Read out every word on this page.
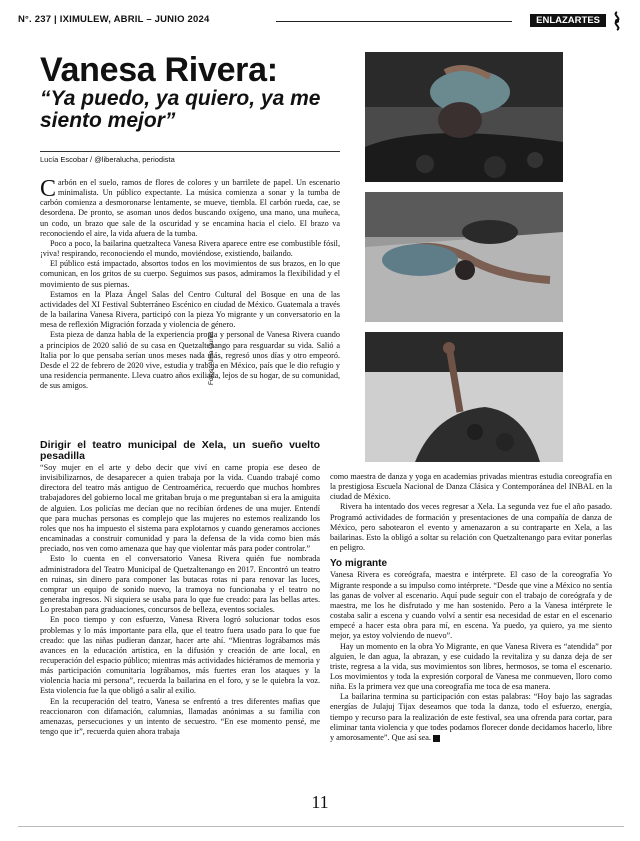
N°. 237 | IXIMULEW, ABRIL – JUNIO 2024	ENLAZARTES
Vanesa Rivera:
“Ya puedo, ya quiero, ya me siento mejor”
Lucía Escobar / @liberalucha, periodista

Carbón en el suelo, ramos de flores de colores y un barrilete de papel. Un escenario minimalista. Un público expectante. La música comienza a sonar y la tumba de carbón comienza a desmoronarse lentamente, se mueve, tiembla. El carbón rueda, cae, se desordena. De pronto, se asoman unos dedos buscando oxígeno, una mano, una muñeca, un codo, un brazo que sale de la oscuridad y se encamina hacia el cielo. El brazo va reconociendo el aire, la vida afuera de la tumba.

Poco a poco, la bailarina quetzalteca Vanesa Rivera aparece entre ese combustible fósil, ¡viva! respirando, reconociendo el mundo, moviéndose, existiendo, bailando.

El público está impactado, absortos todos en los movimientos de sus brazos, en lo que comunican, en los gritos de su cuerpo. Seguimos sus pasos, admiramos la flexibilidad y el movimiento de sus piernas.

Estamos en la Plaza Ángel Salas del Centro Cultural del Bosque en una de las actividades del XI Festival Subterráneo Escénico en ciudad de México. Guatemala a través de la bailarina Vanesa Rivera, participó con la pieza Yo migrante y un conversatorio en la mesa de reflexión Migración forzada y violencia de género.

Esta pieza de danza habla de la experiencia propia y personal de Vanesa Rivera cuando a principios de 2020 salió de su casa en Quetzaltenango para resguardar su vida. Salió a Italia por lo que pensaba serían unos meses nada más, regresó unos días y otro empeoró. Desde el 22 de febrero de 2020 vive, estudia y trabaja en México, país que le dio refugio y una residencia permanente. Lleva cuatro años exiliada, lejos de su hogar, de su comunidad, de sus amigos.

Fotos: Alma Curiel
Dirigir el teatro municipal de Xela, un sueño vuelto pesadilla

“Soy mujer en el arte y debo decir que viví en carne propia ese deseo de invisibilizarnos, de desaparecer a quien trabaja por la vida. Cuando trabajé como directora del teatro más antiguo de Centroamérica, recuerdo que muchos hombres trabajadores del gobierno local me gritaban bruja o me preguntaban si era la amiguita de alguien. Los policías me decían que no recibían órdenes de una mujer. Entendí que para muchas personas es complejo que las mujeres no estemos realizando los roles que nos ha impuesto el sistema para explotarnos y cuando generamos acciones encaminadas a construir comunidad y para la defensa de la vida como bien más preciado, nos ven como amenaza que hay que violentar más para poder controlar.”

Esto lo cuenta en el conversatorio Vanesa Rivera quién fue nombrada administradora del Teatro Municipal de Quetzaltenango en 2017. Encontró un teatro en ruinas, sin dinero para componer las butacas rotas ni para renovar las luces, comprar un equipo de sonido nuevo, la tramoya no funcionaba y el teatro no generaba ingresos. Ni siquiera se usaba para lo que fue creado: para las bellas artes. Lo prestaban para graduaciones, concursos de belleza, eventos sociales.

En poco tiempo y con esfuerzo, Vanesa Rivera logró solucionar todos esos problemas y lo más importante para ella, que el teatro fuera usado para lo que fue creado: que las niñas pudieran danzar, hacer arte ahí. “Mientras lográbamos más avances en la educación artística, en la difusión y creación de arte local, en recuperación del espacio público; mientras más actividades hiciéramos de memoria y más participación comunitaria lográbamos, más fuertes eran los ataques y la violencia hacia mi persona”, recuerda la bailarina en el foro, y se le quiebra la voz. Esta violencia fue la que obligó a salir al exilio.

En la recuperación del teatro, Vanesa se enfrentó a tres diferentes mafias que reaccionaron con difamación, calumnias, llamadas anónimas a su familia con amenazas, persecuciones y un intento de secuestro. “En ese momento pensé, me tengo que ir”, recuerda quien ahora trabaja

como maestra de danza y yoga en academias privadas mientras estudia coreografía en la prestigiosa Escuela Nacional de Danza Clásica y Contemporánea del INBAL en la ciudad de México.

Rivera ha intentado dos veces regresar a Xela. La segunda vez fue el año pasado. Programó actividades de formación y presentaciones de una compañía de danza de México, pero sabotearon el evento y amenazaron a su contraparte en Xela, a las bailarinas. Esto la obligó a soltar su relación con Quetzaltenango para evitar ponerlas en peligro.

Yo migrante

Vanesa Rivera es coreógrafa, maestra e intérprete. El caso de la coreografía Yo Migrante responde a su impulso como intérprete. “Desde que vine a México no sentía las ganas de volver al escenario. Aquí pude seguir con el trabajo de coreógrafa y de maestra, me los he disfrutado y me han sostenido. Pero a la Vanesa intérprete le costaba salir a escena y cuando volví a sentir esa necesidad de estar en el escenario empecé a hacer esta obra para mí, en escena. Ya puedo, ya quiero, ya me siento mejor, ya estoy volviendo de nuevo”.

Hay un momento en la obra Yo Migrante, en que Vanesa Rivera es “atendida” por alguien, le dan agua, la abrazan, y ese cuidado la revitaliza y su danza deja de ser triste, regresa a la vida, sus movimientos son libres, hermosos, se toma el escenario. Los movimientos y toda la expresión corporal de Vanesa me conmueven, lloro como niña. Es la primera vez que una coreografía me toca de esa manera.

La bailarina termina su participación con estas palabras: “Hoy bajo las sagradas energías de Julajuj Tijax deseamos que toda la danza, todo el esfuerzo, energía, tiempo y recurso para la realización de este festival, sea una ofrenda para cortar, para eliminar tanta violencia y que todes podamos florecer donde decidamos hacerlo, libre y amorosamente”. Que así sea.

11
